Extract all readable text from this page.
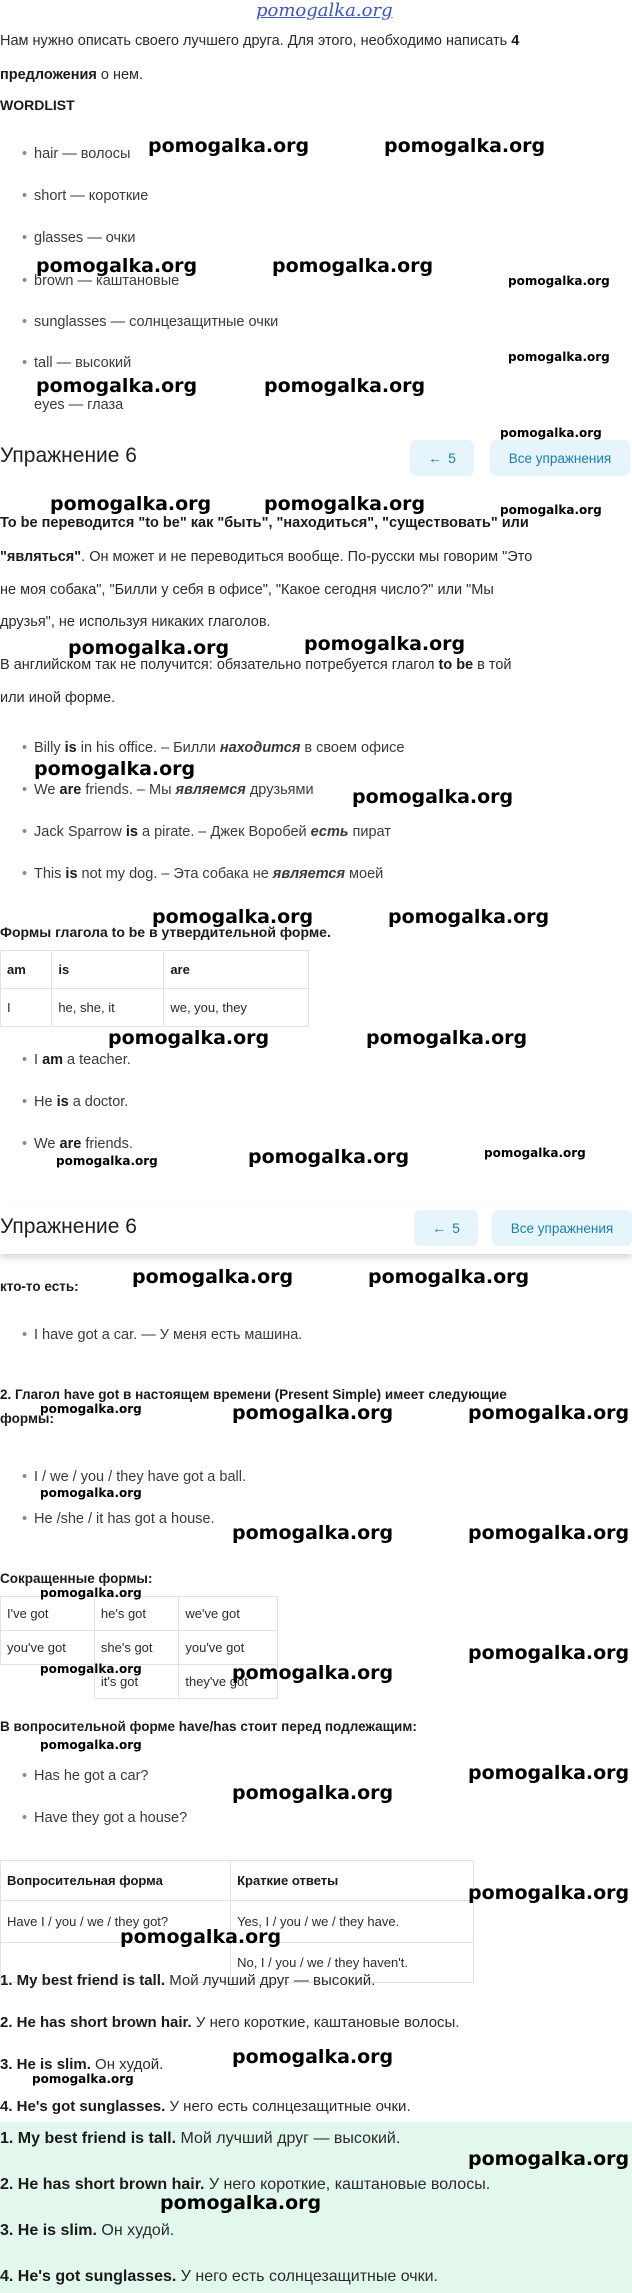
pomogalka.org
Нам нужно описать своего лучшего друга. Для этого, необходимо написать 4
предложения о нем.
WORDLIST
• hair — волосы
• short — короткие
• glasses — очки
• brown — каштановые
• sunglasses — солнцезащитные очки
• tall — высокий
eyes — глаза
Упражнение 6	← 5	Все упражнения
To be переводится "to be" как "быть", "находиться", "существовать" или
"являться". Он может и не переводиться вообще. По-русски мы говорим "Это
не моя собака", "Билли у себя в офисе", "Какое сегодня число?" или "Мы
друзья", не используя никаких глаголов.
В английском так не получится: обязательно потребуется глагол to be в той
или иной форме.
• Billy is in his office. – Билли находится в своем офисе
• We are friends. – Мы являемся друзьями
• Jack Sparrow is a pirate. – Джек Воробей есть пират
• This is not my dog. – Эта собака не является моей
Формы глагола to be в утвердительной форме.
am	is	are
I	he, she, it	we, you, they
• I am a teacher.
• He is a doctor.
• We are friends.
Упражнение 6	← 5	Все упражнения
кто-то есть:
• I have got a car. — У меня есть машина.
2. Глагол have got в настоящем времени (Present Simple) имеет следующие
формы:
• I / we / you / they have got a ball.
• He /she / it has got a house.
Сокращенные формы:
I've got	he's got	we've got
you've got	she's got	you've got
	it's got	they've got
В вопросительной форме have/has стоит перед подлежащим:
• Has he got a car?
• Have they got a house?
Вопросительная форма	Краткие ответы
Have I / you / we / they got?	Yes, I / you / we / they have.
	No, I / you / we / they haven't.
1. My best friend is tall. Мой лучший друг — высокий.
2. He has short brown hair. У него короткие, каштановые волосы.
3. He is slim. Он худой.
4. He's got sunglasses. У него есть солнцезащитные очки.
1. My best friend is tall. Мой лучший друг — высокий.
2. He has short brown hair. У него короткие, каштановые волосы.
3. He is slim. Он худой.
4. He's got sunglasses. У него есть солнцезащитные очки.
pomogalka.org	pomogalka.org
pomogalka.org	pomogalka.org
pomogalka.org
pomogalka.org
pomogalka.org	pomogalka.org
pomogalka.org
pomogalka.org	pomogalka.org	pomogalka.org
pomogalka.org	pomogalka.org
pomogalka.org
pomogalka.org
pomogalka.org	pomogalka.org
pomogalka.org	pomogalka.org
pomogalka.org	pomogalka.org	pomogalka.org
pomogalka.org	pomogalka.org
pomogalka.org	pomogalka.org	pomogalka.org
pomogalka.org
pomogalka.org	pomogalka.org
pomogalka.org
pomogalka.org	pomogalka.org
pomogalka.org
pomogalka.org
pomogalka.org
pomogalka.org
pomogalka.org
pomogalka.org
pomogalka.org
pomogalka.org
pomogalka.org
pomogalka.org
